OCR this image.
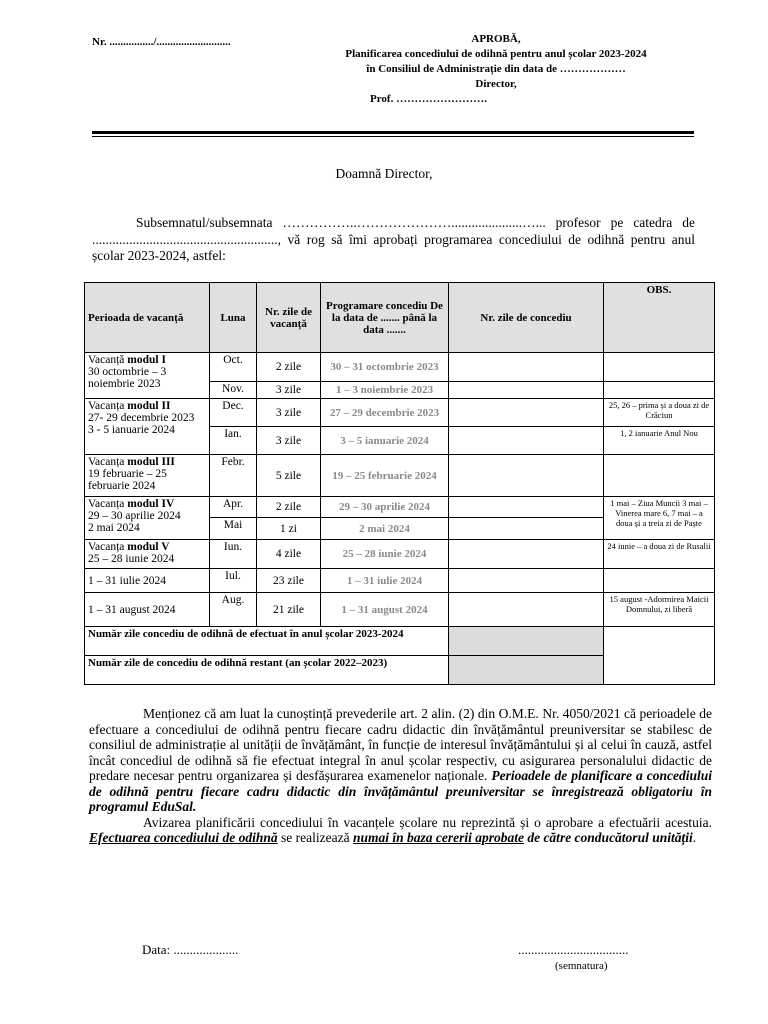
Nr. ................/...........................	APROBĂ,
Planificarea concediului de odihnă pentru anul școlar 2023-2024
în Consiliul de Administrație din data de ………………
Director,
Prof. …………………….
Doamnă Director,

Subsemnatul/subsemnata ……………..………………….....................…... profesor pe catedra de ......................................................., vă rog să îmi aprobați programarea concediului de odihnă pentru anul școlar 2023-2024, astfel:

Perioada de vacanță	Luna	Nr. zile de vacanță	Programare concediu De la data de ....... până la data .......	Nr. zile de concediu	OBS.
Vacanță modul I
30 octombrie – 3 noiembrie 2023	Oct.	2 zile	30 – 31 octombrie 2023		
	Nov.	3 zile	1 – 3 noiembrie 2023		
Vacanța modul II
27- 29 decembrie 2023
3 - 5 ianuarie 2024	Dec.	3 zile	27 – 29 decembrie 2023		25, 26 – prima și a doua zi de Crăciun
	Ian.	3 zile	3 – 5 ianuarie 2024		1, 2 ianuarie Anul Nou
Vacanța modul III
19 februarie – 25 februarie 2024	Febr.	5 zile	19 – 25 februarie 2024		
Vacanța modul IV
29 – 30 aprilie 2024
2 mai 2024	Apr.	2 zile	29 – 30 aprilie 2024		1 mai – Ziua Muncii 3 mai – Vinerea mare 6, 7 mai – a doua și a treia zi de Paște
	Mai	1 zi	2 mai 2024		
Vacanța modul V
25 – 28 iunie 2024	Iun.	4 zile	25 – 28 iunie 2024		24 iunie – a doua zi de Rusalii
1 – 31 iulie 2024	Iul.	23 zile	1 – 31 iulie 2024		
1 – 31 august 2024	Aug.	21 zile	1 – 31 august 2024		15 august -Adormirea Maicii Domnului, zi liberă
Număr zile concediu de odihnă de efectuat în anul școlar 2023-2024					
Număr zile de concediu de odihnă restant (an școlar 2022–2023)					

Menționez că am luat la cunoștință prevederile art. 2 alin. (2) din O.M.E. Nr. 4050/2021 că perioadele de efectuare a concediului de odihnă pentru fiecare cadru didactic din învățământul preuniversitar se stabilesc de consiliul de administrație al unității de învățământ, în funcție de interesul învățământului și al celui în cauză, astfel încât concediul de odihnă să fie efectuat integral în anul școlar respectiv, cu asigurarea personalului didactic de predare necesar pentru organizarea și desfășurarea examenelor naționale. Perioadele de planificare a concediului de odihnă pentru fiecare cadru didactic din învățământul preuniversitar se înregistrează obligatoriu în programul EduSal.

Avizarea planificării concediului în vacanțele școlare nu reprezintă și o aprobare a efectuării acestuia. Efectuarea concediului de odihnă se realizează numai în baza cererii aprobate de către conducătorul unității.

Data: ....................	..................................
(semnatura)
